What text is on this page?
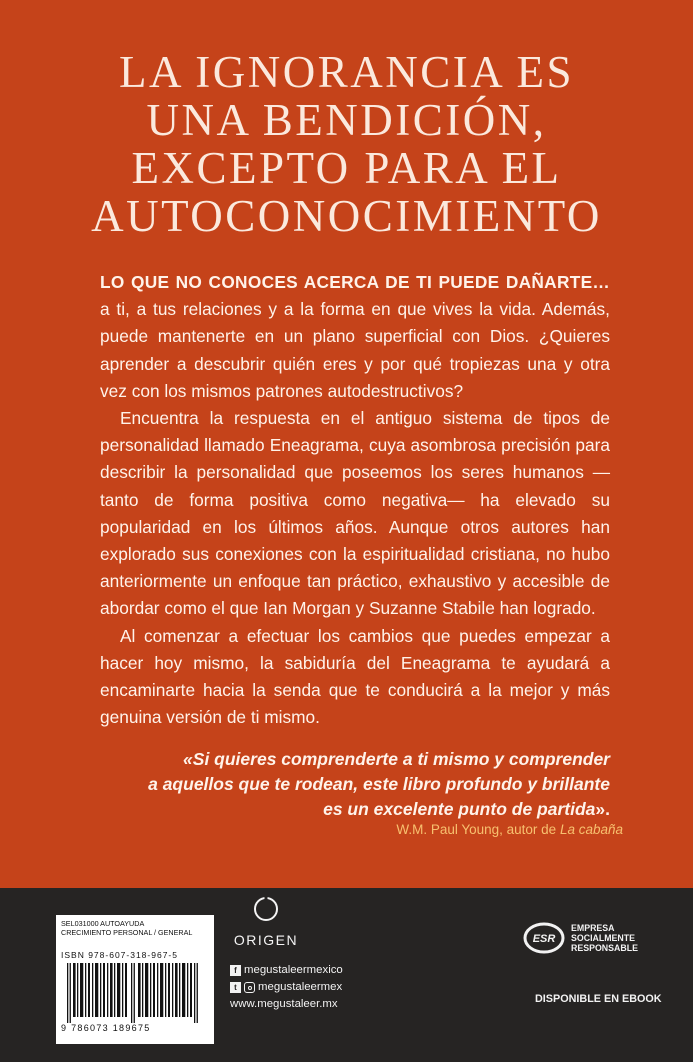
LA IGNORANCIA ES
UNA BENDICIÓN,
EXCEPTO PARA EL
AUTOCONOCIMIENTO

LO QUE NO CONOCES ACERCA DE TI PUEDE DAÑARTE… a ti, a tus relaciones y a la forma en que vives la vida. Además, puede mantenerte en un plano superficial con Dios. ¿Quieres aprender a descubrir quién eres y por qué tropiezas una y otra vez con los mismos patrones autodestructivos?

Encuentra la respuesta en el antiguo sistema de tipos de personalidad llamado Eneagrama, cuya asombrosa precisión para describir la personalidad que poseemos los seres humanos —tanto de forma positiva como negativa— ha elevado su popularidad en los últimos años. Aunque otros autores han explorado sus conexiones con la espiritualidad cristiana, no hubo anteriormente un enfoque tan práctico, exhaustivo y accesible de abordar como el que Ian Morgan y Suzanne Stabile han logrado.

Al comenzar a efectuar los cambios que puedes empezar a hacer hoy mismo, la sabiduría del Eneagrama te ayudará a encaminarte hacia la senda que te conducirá a la mejor y más genuina versión de ti mismo.

«Si quieres comprenderte a ti mismo y comprender
a aquellos que te rodean, este libro profundo y brillante
es un excelente punto de partida».
W.M. Paul Young, autor de La cabaña
SEL031000 AUTOAYUDA
CRECIMIENTO PERSONAL / GENERAL
ISBN 978-607-318-967-5
9 786073 189675
ORIGEN
f megustaleermexico
t	megustaleermex
www.megustaleer.mx
ESR
EMPRESA
SOCIALMENTE
RESPONSABLE
DISPONIBLE EN EBOOK
